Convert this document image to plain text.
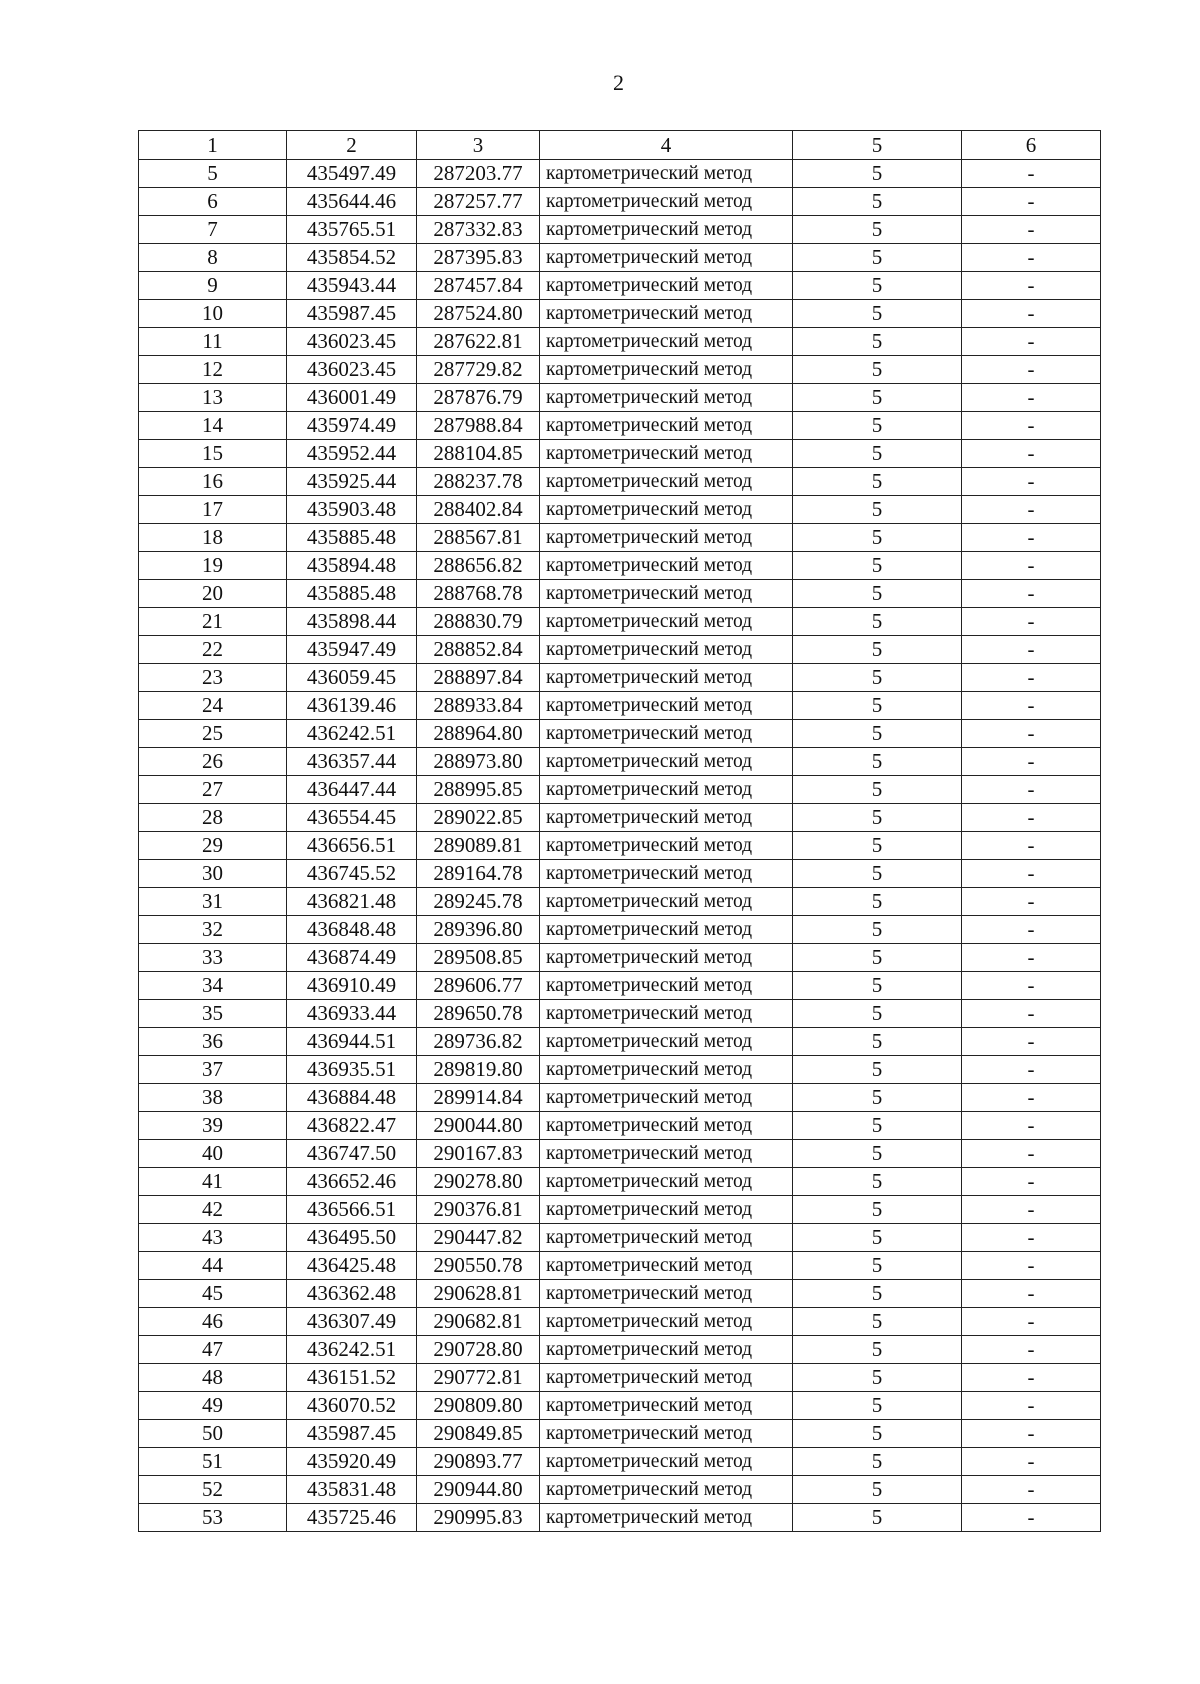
2
1	2	3	4	5	6
5	435497.49	287203.77	картометрический метод	5	-
6	435644.46	287257.77	картометрический метод	5	-
7	435765.51	287332.83	картометрический метод	5	-
8	435854.52	287395.83	картометрический метод	5	-
9	435943.44	287457.84	картометрический метод	5	-
10	435987.45	287524.80	картометрический метод	5	-
11	436023.45	287622.81	картометрический метод	5	-
12	436023.45	287729.82	картометрический метод	5	-
13	436001.49	287876.79	картометрический метод	5	-
14	435974.49	287988.84	картометрический метод	5	-
15	435952.44	288104.85	картометрический метод	5	-
16	435925.44	288237.78	картометрический метод	5	-
17	435903.48	288402.84	картометрический метод	5	-
18	435885.48	288567.81	картометрический метод	5	-
19	435894.48	288656.82	картометрический метод	5	-
20	435885.48	288768.78	картометрический метод	5	-
21	435898.44	288830.79	картометрический метод	5	-
22	435947.49	288852.84	картометрический метод	5	-
23	436059.45	288897.84	картометрический метод	5	-
24	436139.46	288933.84	картометрический метод	5	-
25	436242.51	288964.80	картометрический метод	5	-
26	436357.44	288973.80	картометрический метод	5	-
27	436447.44	288995.85	картометрический метод	5	-
28	436554.45	289022.85	картометрический метод	5	-
29	436656.51	289089.81	картометрический метод	5	-
30	436745.52	289164.78	картометрический метод	5	-
31	436821.48	289245.78	картометрический метод	5	-
32	436848.48	289396.80	картометрический метод	5	-
33	436874.49	289508.85	картометрический метод	5	-
34	436910.49	289606.77	картометрический метод	5	-
35	436933.44	289650.78	картометрический метод	5	-
36	436944.51	289736.82	картометрический метод	5	-
37	436935.51	289819.80	картометрический метод	5	-
38	436884.48	289914.84	картометрический метод	5	-
39	436822.47	290044.80	картометрический метод	5	-
40	436747.50	290167.83	картометрический метод	5	-
41	436652.46	290278.80	картометрический метод	5	-
42	436566.51	290376.81	картометрический метод	5	-
43	436495.50	290447.82	картометрический метод	5	-
44	436425.48	290550.78	картометрический метод	5	-
45	436362.48	290628.81	картометрический метод	5	-
46	436307.49	290682.81	картометрический метод	5	-
47	436242.51	290728.80	картометрический метод	5	-
48	436151.52	290772.81	картометрический метод	5	-
49	436070.52	290809.80	картометрический метод	5	-
50	435987.45	290849.85	картометрический метод	5	-
51	435920.49	290893.77	картометрический метод	5	-
52	435831.48	290944.80	картометрический метод	5	-
53	435725.46	290995.83	картометрический метод	5	-
